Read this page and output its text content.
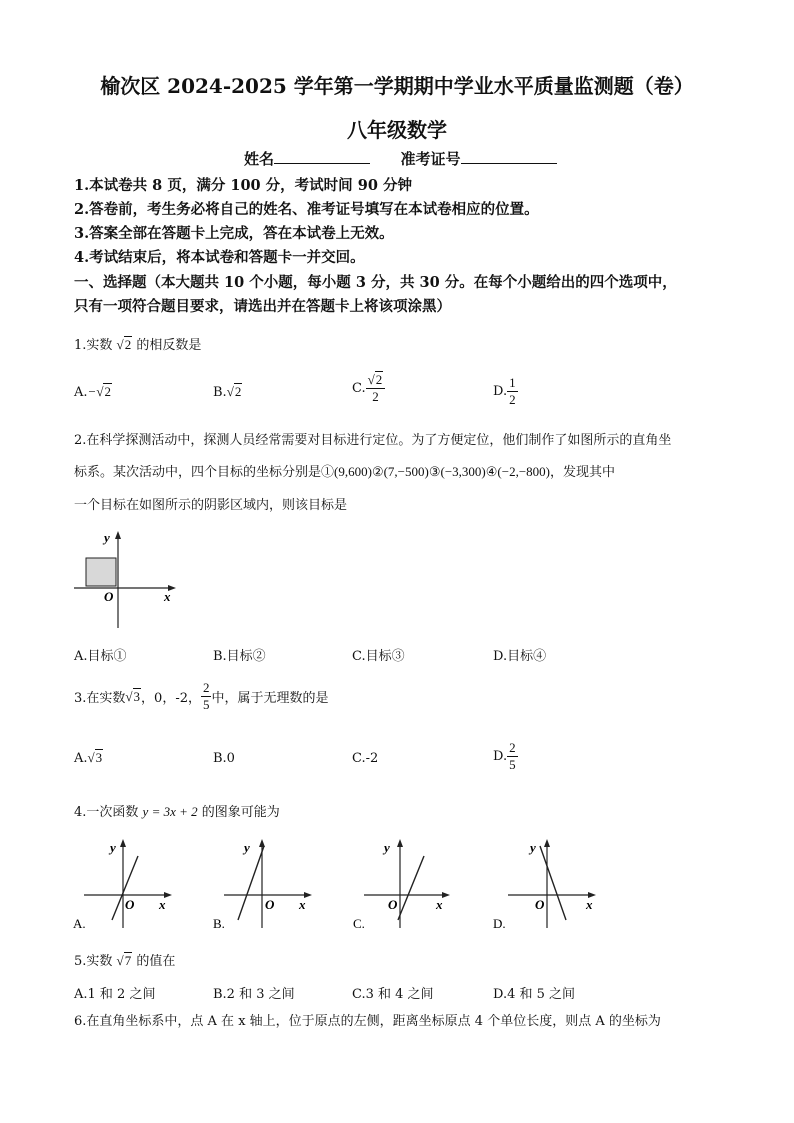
榆次区 2024-2025 学年第一学期期中学业水平质量监测题（卷）
八年级数学
姓名	准考证号
1.本试卷共 8 页，满分 100 分，考试时间 90 分钟
2.答卷前，考生务必将自己的姓名、准考证号填写在本试卷相应的位置。
3.答案全部在答题卡上完成，答在本试卷上无效。
4.考试结束后，将本试卷和答题卡一并交回。
一、选择题（本大题共 10 个小题，每小题 3 分，共 30 分。在每个小题给出的四个选项中，
只有一项符合题目要求，请选出并在答题卡上将该项涂黑）
1.实数 √2 的相反数是
A.−√2	B.√2	C. $\frac{√2}{2}$	D. $\frac{1}{2}$
2.在科学探测活动中，探测人员经常需要对目标进行定位。为了方便定位，他们制作了如图所示的直角坐
标系。某次活动中，四个目标的坐标分别是①(9,600)②(7,−500)③(−3,300)④(−2,−800)，发现其中
一个目标在如图所示的阴影区域内，则该目标是
y
O	x
A.目标①	B.目标②	C.目标③	D.目标④
3.在实数√3，0，-2， $\frac{2}{5}$ 中，属于无理数的是
A.√3	B.0	C.-2	D. $\frac{2}{5}$
4.一次函数 y = 3x + 2 的图象可能为
y
O x
A.
y
O x
B.
y
O	x
C.
y
O	x
D.
5.实数 √7 的值在
A.1 和 2 之间	B.2 和 3 之间	C.3 和 4 之间	D.4 和 5 之间
6.在直角坐标系中，点 A 在 x 轴上，位于原点的左侧，距离坐标原点 4 个单位长度，则点 A 的坐标为
